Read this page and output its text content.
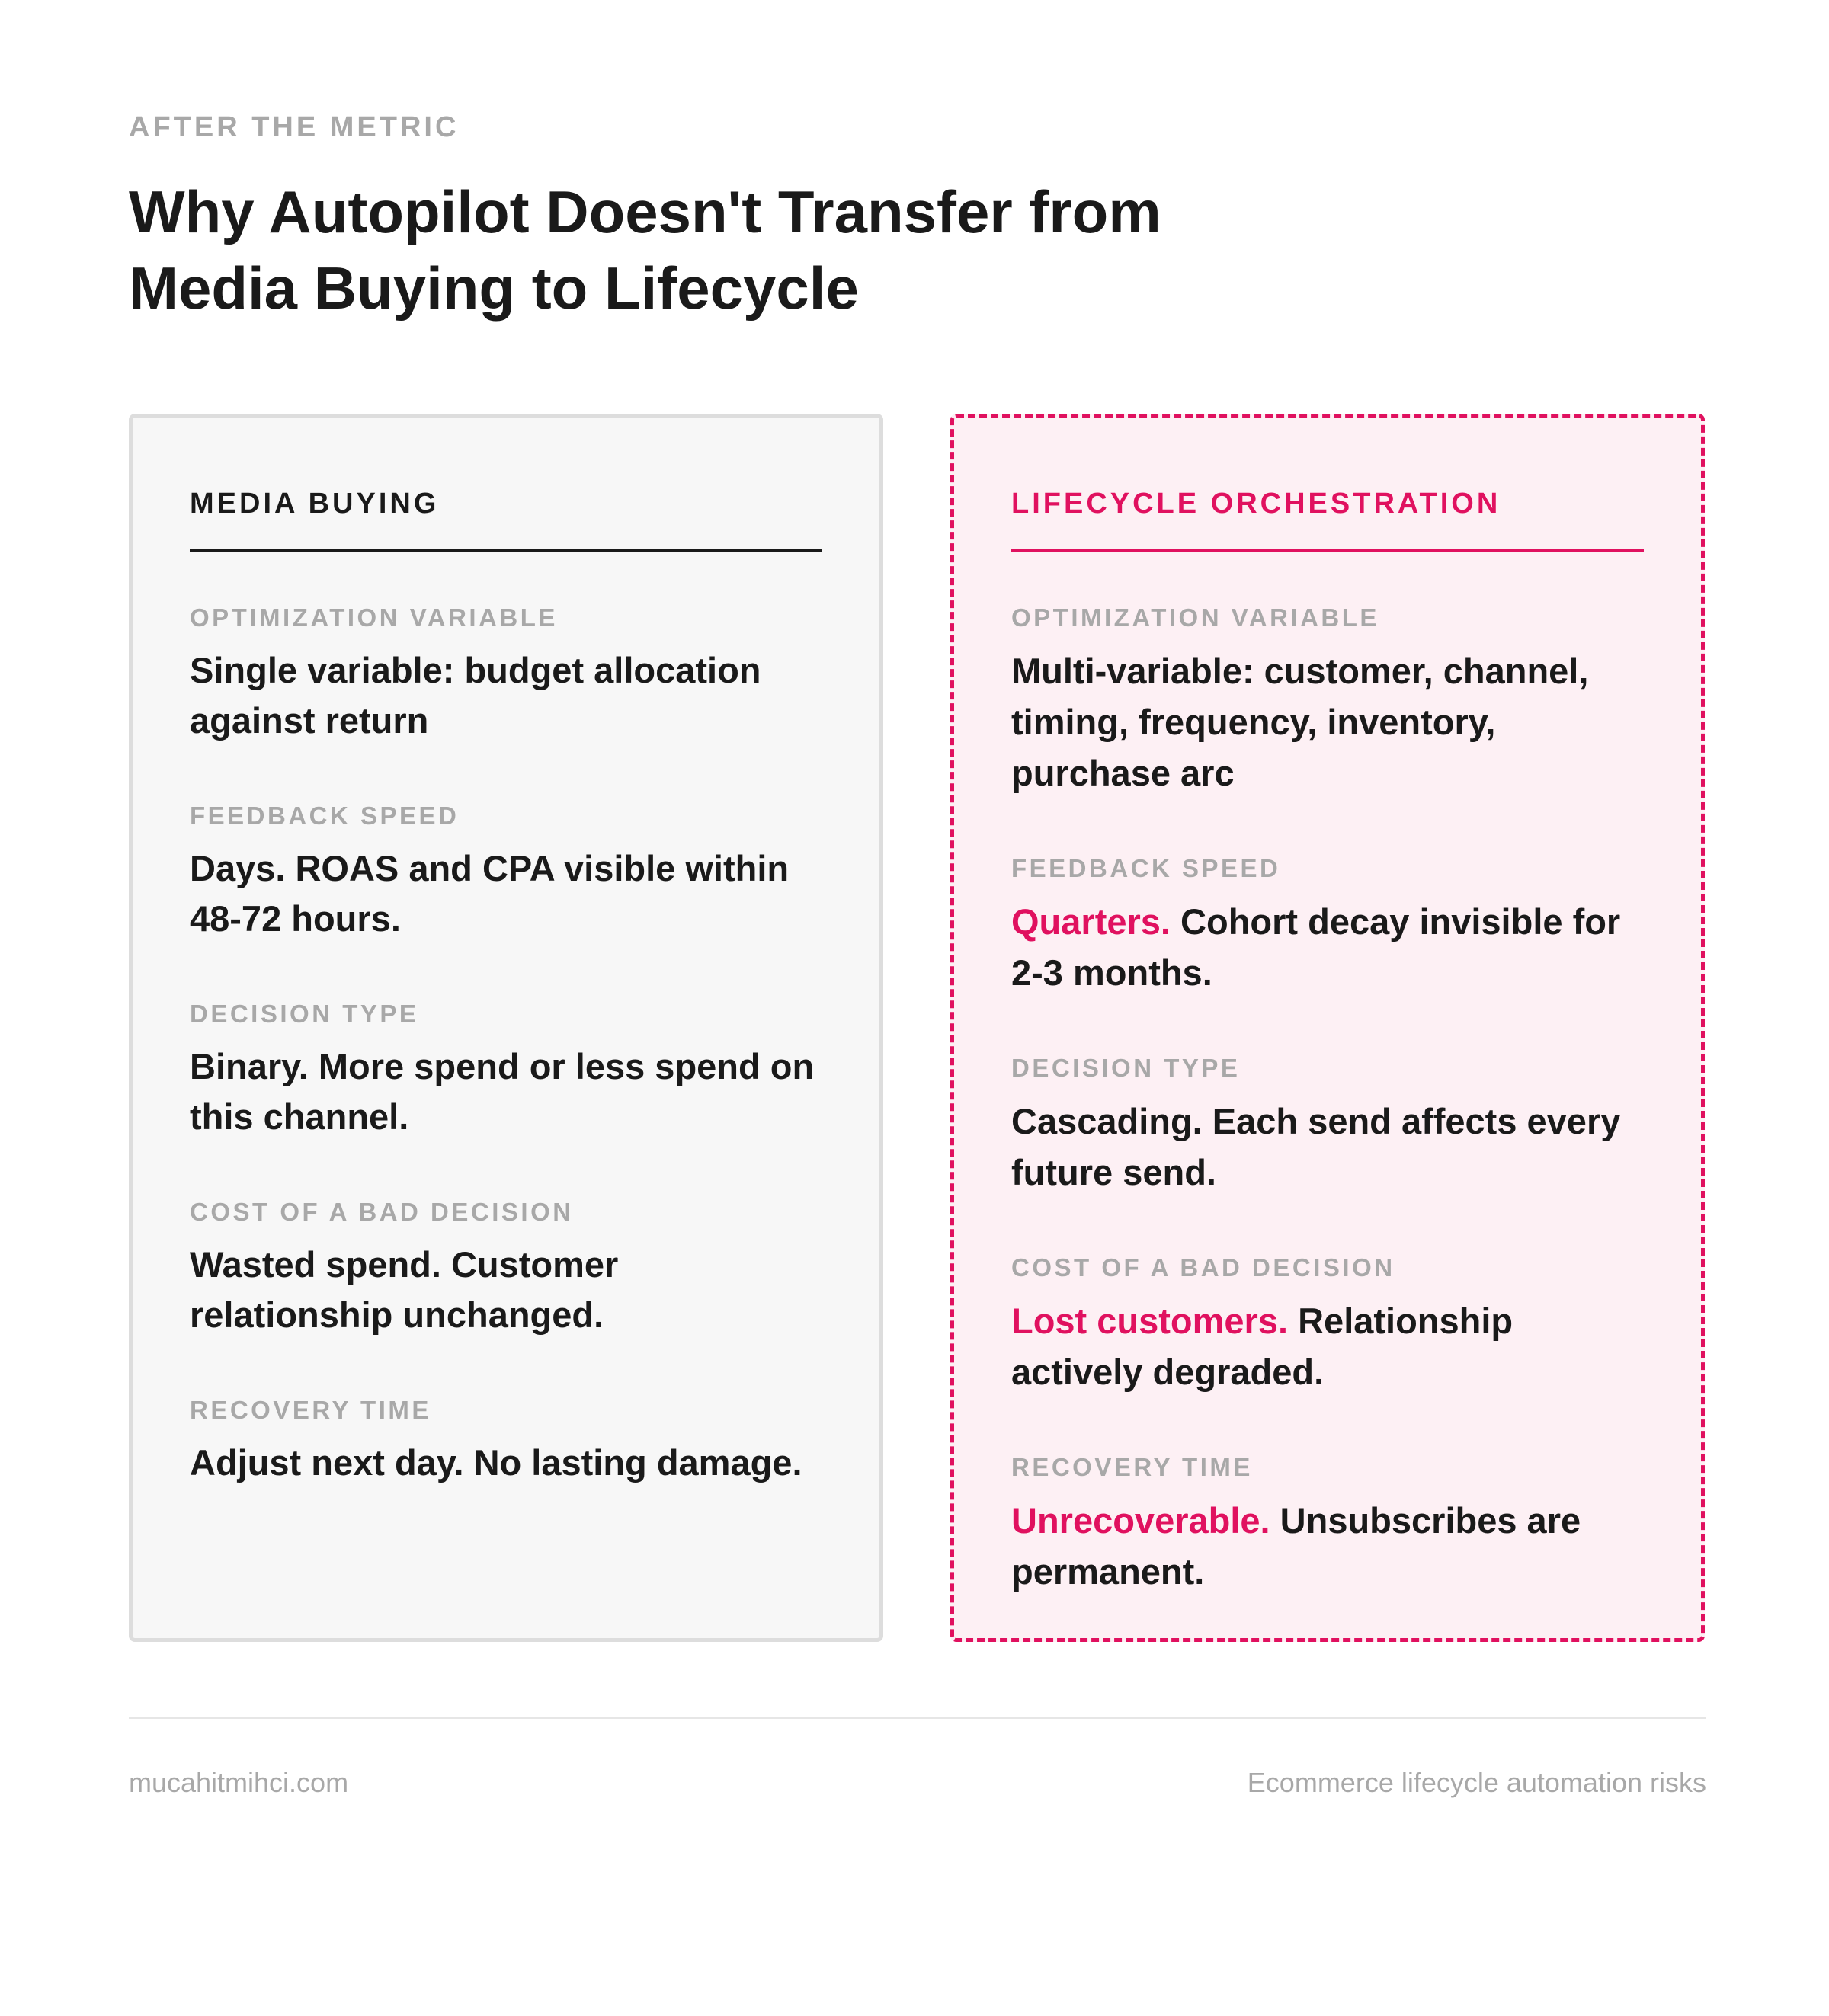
AFTER THE METRIC
Why Autopilot Doesn't Transfer from
Media Buying to Lifecycle
MEDIA BUYING
OPTIMIZATION VARIABLE
Single variable: budget allocation against return
FEEDBACK SPEED
Days. ROAS and CPA visible within 48-72 hours.
DECISION TYPE
Binary. More spend or less spend on this channel.
COST OF A BAD DECISION
Wasted spend. Customer relationship unchanged.
RECOVERY TIME
Adjust next day. No lasting damage.
LIFECYCLE ORCHESTRATION
OPTIMIZATION VARIABLE
Multi-variable: customer, channel, timing, frequency, inventory, purchase arc
FEEDBACK SPEED
Quarters. Cohort decay invisible for 2-3 months.
DECISION TYPE
Cascading. Each send affects every future send.
COST OF A BAD DECISION
Lost customers. Relationship actively degraded.
RECOVERY TIME
Unrecoverable. Unsubscribes are permanent.
mucahitmihci.com	Ecommerce lifecycle automation risks
